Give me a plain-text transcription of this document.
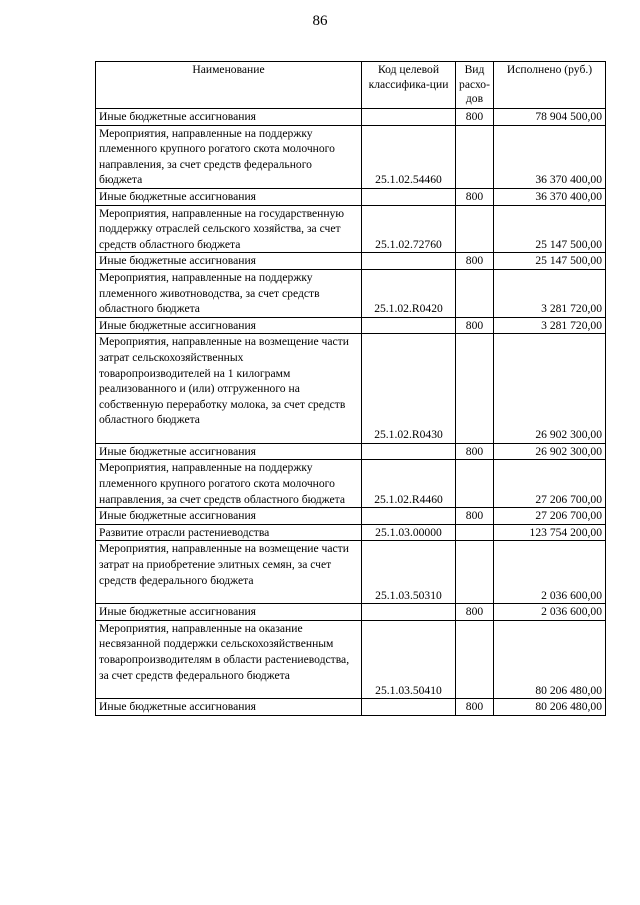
86
Наименование	Код целевой классифика-ции	Вид расхо-дов	Исполнено (руб.)
Иные бюджетные ассигнования		800	78 904 500,00
Мероприятия, направленные на поддержку племенного крупного рогатого скота молочного направления, за счет средств федерального бюджета	25.1.02.54460		36 370 400,00
Иные бюджетные ассигнования		800	36 370 400,00
Мероприятия, направленные на государственную поддержку отраслей сельского хозяйства, за счет средств областного бюджета	25.1.02.72760		25 147 500,00
Иные бюджетные ассигнования		800	25 147 500,00
Мероприятия, направленные на поддержку племенного животноводства, за счет средств областного бюджета	25.1.02.R0420		3 281 720,00
Иные бюджетные ассигнования		800	3 281 720,00
Мероприятия, направленные на возмещение части затрат сельскохозяйственных товаропроизводителей на 1 килограмм реализованного и (или) отгруженного на собственную переработку молока, за счет средств областного бюджета	25.1.02.R0430		26 902 300,00
Иные бюджетные ассигнования		800	26 902 300,00
Мероприятия, направленные на поддержку племенного крупного рогатого скота молочного направления, за счет средств областного бюджета	25.1.02.R4460		27 206 700,00
Иные бюджетные ассигнования		800	27 206 700,00
Развитие отрасли растениеводства	25.1.03.00000		123 754 200,00
Мероприятия, направленные на возмещение части затрат на приобретение элитных семян, за счет средств федерального бюджета	25.1.03.50310		2 036 600,00
Иные бюджетные ассигнования		800	2 036 600,00
Мероприятия, направленные на оказание несвязанной поддержки сельскохозяйственным товаропроизводителям в области растениеводства, за счет средств федерального бюджета	25.1.03.50410		80 206 480,00
Иные бюджетные ассигнования		800	80 206 480,00
